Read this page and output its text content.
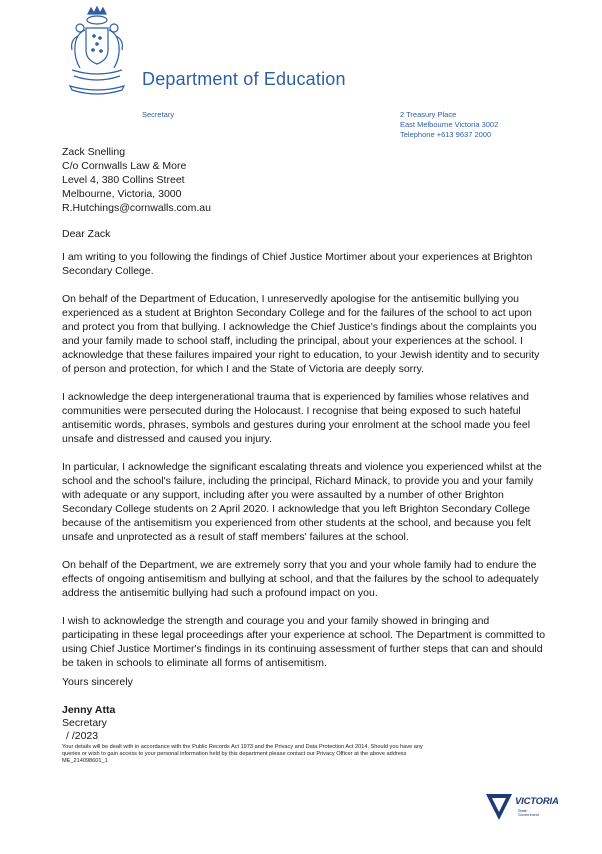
Department of Education
Secretary	2 Treasury Place
East Melbourne Victoria 3002
Telephone +613 9637 2000
Zack Snelling
C/o Cornwalls Law & More
Level 4, 380 Collins Street
Melbourne, Victoria, 3000
R.Hutchings@cornwalls.com.au
Dear Zack

I am writing to you following the findings of Chief Justice Mortimer about your experiences at Brighton Secondary College.

On behalf of the Department of Education, I unreservedly apologise for the antisemitic bullying you experienced as a student at Brighton Secondary College and for the failures of the school to act upon and protect you from that bullying. I acknowledge the Chief Justice's findings about the complaints you and your family made to school staff, including the principal, about your experiences at the school. I acknowledge that these failures impaired your right to education, to your Jewish identity and to security of person and protection, for which I and the State of Victoria are deeply sorry.

I acknowledge the deep intergenerational trauma that is experienced by families whose relatives and communities were persecuted during the Holocaust. I recognise that being exposed to such hateful antisemitic words, phrases, symbols and gestures during your enrolment at the school made you feel unsafe and distressed and caused you injury.

In particular, I acknowledge the significant escalating threats and violence you experienced whilst at the school and the school's failure, including the principal, Richard Minack, to provide you and your family with adequate or any support, including after you were assaulted by a number of other Brighton Secondary College students on 2 April 2020. I acknowledge that you left Brighton Secondary College because of the antisemitism you experienced from other students at the school, and because you felt unsafe and unprotected as a result of staff members' failures at the school.

On behalf of the Department, we are extremely sorry that you and your whole family had to endure the effects of ongoing antisemitism and bullying at school, and that the failures by the school to adequately address the antisemitic bullying had such a profound impact on you.

I wish to acknowledge the strength and courage you and your family showed in bringing and participating in these legal proceedings after your experience at school. The Department is committed to using Chief Justice Mortimer's findings in its continuing assessment of further steps that can and should be taken in schools to eliminate all forms of antisemitism.

Yours sincerely
Jenny Atta
Secretary
/ /2023
Your details will be dealt with in accordance with the Public Records Act 1973 and the Privacy and Data Protection Act 2014. Should you have any
queries or wish to gain access to your personal information held by this department please contact our Privacy Officer at the above address
ME_214098601_1
VICTORIA
State
Government
